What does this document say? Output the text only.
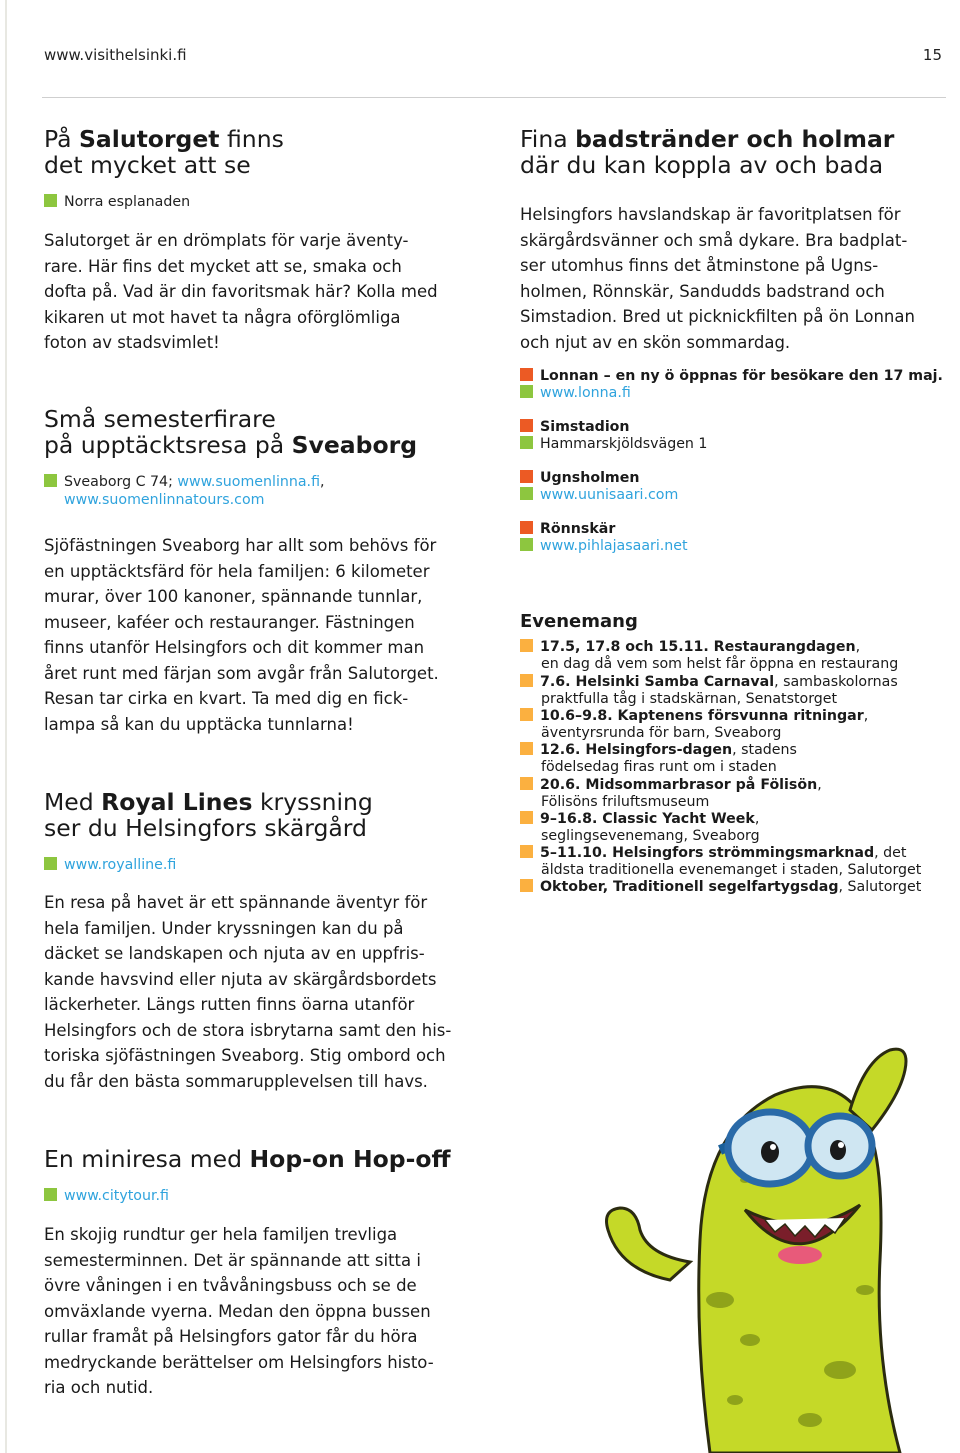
www.visithelsinki.fi	15
På Salutorget finns
det mycket att se
Norra esplanaden
Salutorget är en drömplats för varje äventy-
rare. Här fins det mycket att se, smaka och
dofta på. Vad är din favoritsmak här? Kolla med
kikaren ut mot havet ta några oförglömliga
foton av stadsvimlet!
Små semesterfirare
på upptäcktsresa på Sveaborg
Sveaborg C 74; www.suomenlinna.fi,
www.suomenlinnatours.com
Sjöfästningen Sveaborg har allt som behövs för
en upptäcktsfärd för hela familjen: 6 kilometer
murar, över 100 kanoner, spännande tunnlar,
museer, kaféer och restauranger. Fästningen
finns utanför Helsingfors och dit kommer man
året runt med färjan som avgår från Salutorget.
Resan tar cirka en kvart. Ta med dig en fick-
lampa så kan du upptäcka tunnlarna!
Med Royal Lines kryssning
ser du Helsingfors skärgård
www.royalline.fi
En resa på havet är ett spännande äventyr för
hela familjen. Under kryssningen kan du på
däcket se landskapen och njuta av en uppfris-
kande havsvind eller njuta av skärgårdsbordets
läckerheter. Längs rutten finns öarna utanför
Helsingfors och de stora isbrytarna samt den his-
toriska sjöfästningen Sveaborg. Stig ombord och
du får den bästa sommarupplevelsen till havs.
En miniresa med Hop-on Hop-off
www.citytour.fi
En skojig rundtur ger hela familjen trevliga
semesterminnen. Det är spännande att sitta i
övre våningen i en tvåvåningsbuss och se de
omväxlande vyerna. Medan den öppna bussen
rullar framåt på Helsingfors gator får du höra
medryckande berättelser om Helsingfors histo-
ria och nutid.
Fina badstränder och holmar
där du kan koppla av och bada
Helsingfors havslandskap är favoritplatsen för
skärgårdsvänner och små dykare. Bra badplat-
ser utomhus finns det åtminstone på Ugns-
holmen, Rönnskär, Sandudds badstrand och
Simstadion. Bred ut picknickfilten på ön Lonnan
och njut av en skön sommardag.
Lonnan – en ny ö öppnas för besökare den 17 maj.
www.lonna.fi
Simstadion
Hammarskjöldsvägen 1
Ugnsholmen
www.uunisaari.com
Rönnskär
www.pihlajasaari.net
Evenemang
17.5, 17.8 och 15.11. Restaurangdagen,
en dag då vem som helst får öppna en restaurang
7.6. Helsinki Samba Carnaval, sambaskolornas
praktfulla tåg i stadskärnan, Senatstorget
10.6–9.8. Kaptenens försvunna ritningar,
äventyrsrunda för barn, Sveaborg
12.6. Helsingfors-dagen, stadens
födelsedag firas runt om i staden
20.6. Midsommarbrasor på Fölisön,
Fölisöns friluftsmuseum
9–16.8. Classic Yacht Week,
seglingsevenemang, Sveaborg
5–11.10. Helsingfors strömmingsmarknad, det
äldsta traditionella evenemanget i staden, Salutorget
Oktober, Traditionell segelfartygsdag, Salutorget
